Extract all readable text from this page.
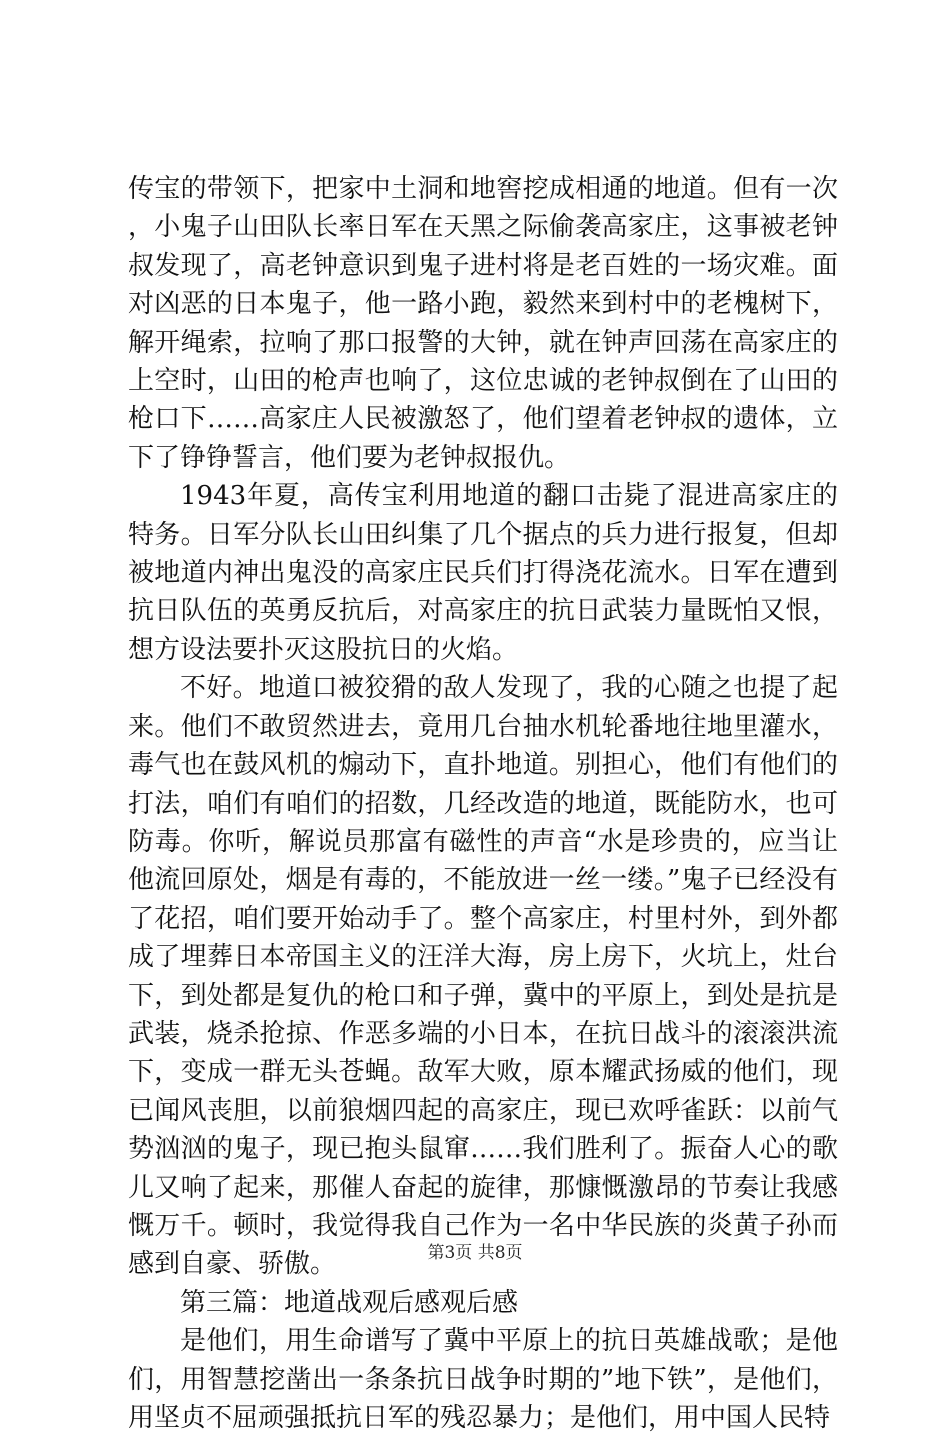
传宝的带领下，把家中土洞和地窖挖成相通的地道。但有一次，小鬼子山田队长率日军在天黑之际偷袭高家庄，这事被老钟叔发现了，高老钟意识到鬼子进村将是老百姓的一场灾难。面对凶恶的日本鬼子，他一路小跑，毅然来到村中的老槐树下，解开绳索，拉响了那口报警的大钟，就在钟声回荡在高家庄的上空时，山田的枪声也响了，这位忠诚的老钟叔倒在了山田的枪口下……高家庄人民被激怒了，他们望着老钟叔的遗体，立下了铮铮誓言，他们要为老钟叔报仇。

1943年夏，高传宝利用地道的翻口击毙了混进高家庄的特务。日军分队长山田纠集了几个据点的兵力进行报复，但却被地道内神出鬼没的高家庄民兵们打得浇花流水。日军在遭到抗日队伍的英勇反抗后，对高家庄的抗日武装力量既怕又恨，想方设法要扑灭这股抗日的火焰。

不好。地道口被狡猾的敌人发现了，我的心随之也提了起来。他们不敢贸然进去，竟用几台抽水机轮番地往地里灌水，毒气也在鼓风机的煽动下，直扑地道。别担心，他们有他们的打法，咱们有咱们的招数，几经改造的地道，既能防水，也可防毒。你听，解说员那富有磁性的声音“水是珍贵的，应当让他流回原处，烟是有毒的，不能放进一丝一缕。”鬼子已经没有了花招，咱们要开始动手了。整个高家庄，村里村外，到外都成了埋葬日本帝国主义的汪洋大海，房上房下，火坑上，灶台下，到处都是复仇的枪口和子弹，冀中的平原上，到处是抗是武装，烧杀抢掠、作恶多端的小日本，在抗日战斗的滚滚洪流下，变成一群无头苍蝇。敌军大败，原本耀武扬威的他们，现已闻风丧胆，以前狼烟四起的高家庄，现已欢呼雀跃：以前气势汹汹的鬼子，现已抱头鼠窜……我们胜利了。振奋人心的歌儿又响了起来，那催人奋起的旋律，那慷慨激昂的节奏让我感慨万千。顿时，我觉得我自己作为一名中华民族的炎黄子孙而感到自豪、骄傲。

第三篇：地道战观后感观后感

是他们，用生命谱写了冀中平原上的抗日英雄战歌；是他们，用智慧挖凿出一条条抗日战争时期的”地下铁”，是他们，用坚贞不屈顽强抵抗日军的残忍暴力；是他们，用中国人民特

第3页 共8页
